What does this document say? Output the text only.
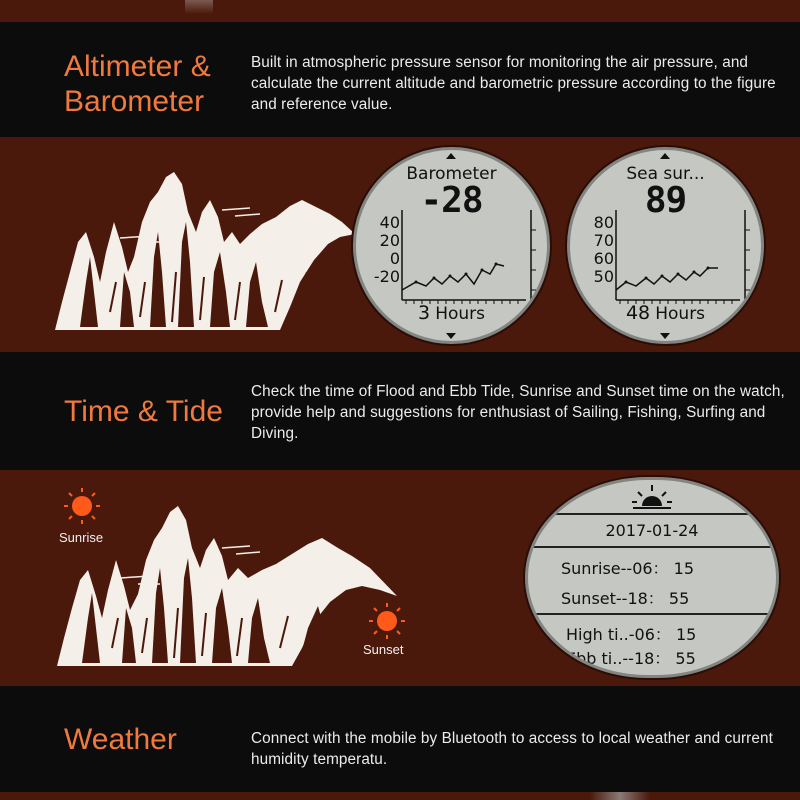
Altimeter &
Barometer
Built in atmospheric pressure sensor for monitoring the air pressure, and calculate the current altitude and barometric pressure according to the figure and reference value.
Barometer
-28
40
20
0
-20
3 Hours
Sea sur...
89
80
70
60
50
48 Hours
Time & Tide
Check the time of Flood and Ebb Tide, Sunrise and Sunset time on the watch, provide help and suggestions for enthusiast of Sailing, Fishing, Surfing and Diving.
Sunrise
Sunset
2017-01-24
Sunrise--06： 15
Sunset--18： 55
High ti..-06： 15
Ebb ti..--18： 55
Weather	Connect with the mobile by Bluetooth to access to local weather and current humidity temperatu.
